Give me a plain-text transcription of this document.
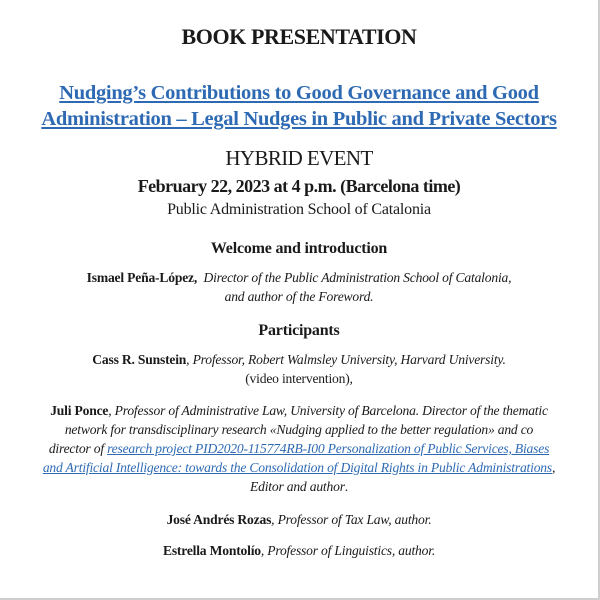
BOOK PRESENTATION
Nudging’s Contributions to Good Governance and Good
Administration – Legal Nudges in Public and Private Sectors
HYBRID EVENT
February 22, 2023 at 4 p.m. (Barcelona time)
Public Administration School of Catalonia
Welcome and introduction
Ismael Peña-López, Director of the Public Administration School of Catalonia,
and author of the Foreword.
Participants
Cass R. Sunstein, Professor, Robert Walmsley University, Harvard University.
(video intervention),
Juli Ponce, Professor of Administrative Law, University of Barcelona. Director of the thematic
network for transdisciplinary research «Nudging applied to the better regulation» and co
director of research project PID2020-115774RB-I00 Personalization of Public Services, Biases
and Artificial Intelligence: towards the Consolidation of Digital Rights in Public Administrations,
Editor and author.
José Andrés Rozas, Professor of Tax Law, author.
Estrella Montolío, Professor of Linguistics, author.
